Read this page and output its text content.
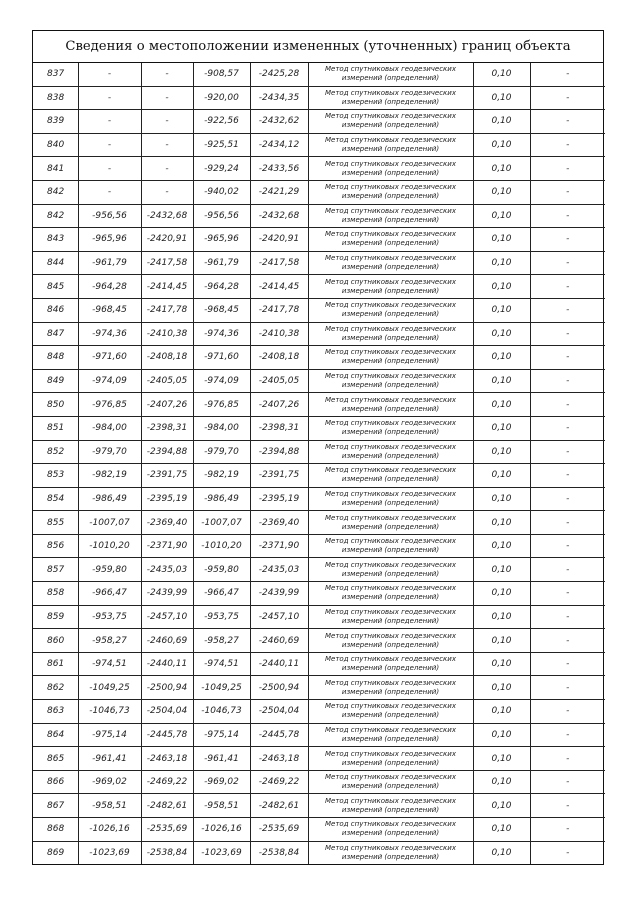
Сведения о местоположении измененных (уточненных) границ объекта
837	-	-	-908,57	-2425,28	Метод спутниковых геодезических
измерений (определений)	0,10	-
838	-	-	-920,00	-2434,35	Метод спутниковых геодезических
измерений (определений)	0,10	-
839	-	-	-922,56	-2432,62	Метод спутниковых геодезических
измерений (определений)	0,10	-
840	-	-	-925,51	-2434,12	Метод спутниковых геодезических
измерений (определений)	0,10	-
841	-	-	-929,24	-2433,56	Метод спутниковых геодезических
измерений (определений)	0,10	-
842	-	-	-940,02	-2421,29	Метод спутниковых геодезических
измерений (определений)	0,10	-
842	-956,56	-2432,68	-956,56	-2432,68	Метод спутниковых геодезических
измерений (определений)	0,10	-
843	-965,96	-2420,91	-965,96	-2420,91	Метод спутниковых геодезических
измерений (определений)	0,10	-
844	-961,79	-2417,58	-961,79	-2417,58	Метод спутниковых геодезических
измерений (определений)	0,10	-
845	-964,28	-2414,45	-964,28	-2414,45	Метод спутниковых геодезических
измерений (определений)	0,10	-
846	-968,45	-2417,78	-968,45	-2417,78	Метод спутниковых геодезических
измерений (определений)	0,10	-
847	-974,36	-2410,38	-974,36	-2410,38	Метод спутниковых геодезических
измерений (определений)	0,10	-
848	-971,60	-2408,18	-971,60	-2408,18	Метод спутниковых геодезических
измерений (определений)	0,10	-
849	-974,09	-2405,05	-974,09	-2405,05	Метод спутниковых геодезических
измерений (определений)	0,10	-
850	-976,85	-2407,26	-976,85	-2407,26	Метод спутниковых геодезических
измерений (определений)	0,10	-
851	-984,00	-2398,31	-984,00	-2398,31	Метод спутниковых геодезических
измерений (определений)	0,10	-
852	-979,70	-2394,88	-979,70	-2394,88	Метод спутниковых геодезических
измерений (определений)	0,10	-
853	-982,19	-2391,75	-982,19	-2391,75	Метод спутниковых геодезических
измерений (определений)	0,10	-
854	-986,49	-2395,19	-986,49	-2395,19	Метод спутниковых геодезических
измерений (определений)	0,10	-
855	-1007,07	-2369,40	-1007,07	-2369,40	Метод спутниковых геодезических
измерений (определений)	0,10	-
856	-1010,20	-2371,90	-1010,20	-2371,90	Метод спутниковых геодезических
измерений (определений)	0,10	-
857	-959,80	-2435,03	-959,80	-2435,03	Метод спутниковых геодезических
измерений (определений)	0,10	-
858	-966,47	-2439,99	-966,47	-2439,99	Метод спутниковых геодезических
измерений (определений)	0,10	-
859	-953,75	-2457,10	-953,75	-2457,10	Метод спутниковых геодезических
измерений (определений)	0,10	-
860	-958,27	-2460,69	-958,27	-2460,69	Метод спутниковых геодезических
измерений (определений)	0,10	-
861	-974,51	-2440,11	-974,51	-2440,11	Метод спутниковых геодезических
измерений (определений)	0,10	-
862	-1049,25	-2500,94	-1049,25	-2500,94	Метод спутниковых геодезических
измерений (определений)	0,10	-
863	-1046,73	-2504,04	-1046,73	-2504,04	Метод спутниковых геодезических
измерений (определений)	0,10	-
864	-975,14	-2445,78	-975,14	-2445,78	Метод спутниковых геодезических
измерений (определений)	0,10	-
865	-961,41	-2463,18	-961,41	-2463,18	Метод спутниковых геодезических
измерений (определений)	0,10	-
866	-969,02	-2469,22	-969,02	-2469,22	Метод спутниковых геодезических
измерений (определений)	0,10	-
867	-958,51	-2482,61	-958,51	-2482,61	Метод спутниковых геодезических
измерений (определений)	0,10	-
868	-1026,16	-2535,69	-1026,16	-2535,69	Метод спутниковых геодезических
измерений (определений)	0,10	-
869	-1023,69	-2538,84	-1023,69	-2538,84	Метод спутниковых геодезических
измерений (определений)	0,10	-
